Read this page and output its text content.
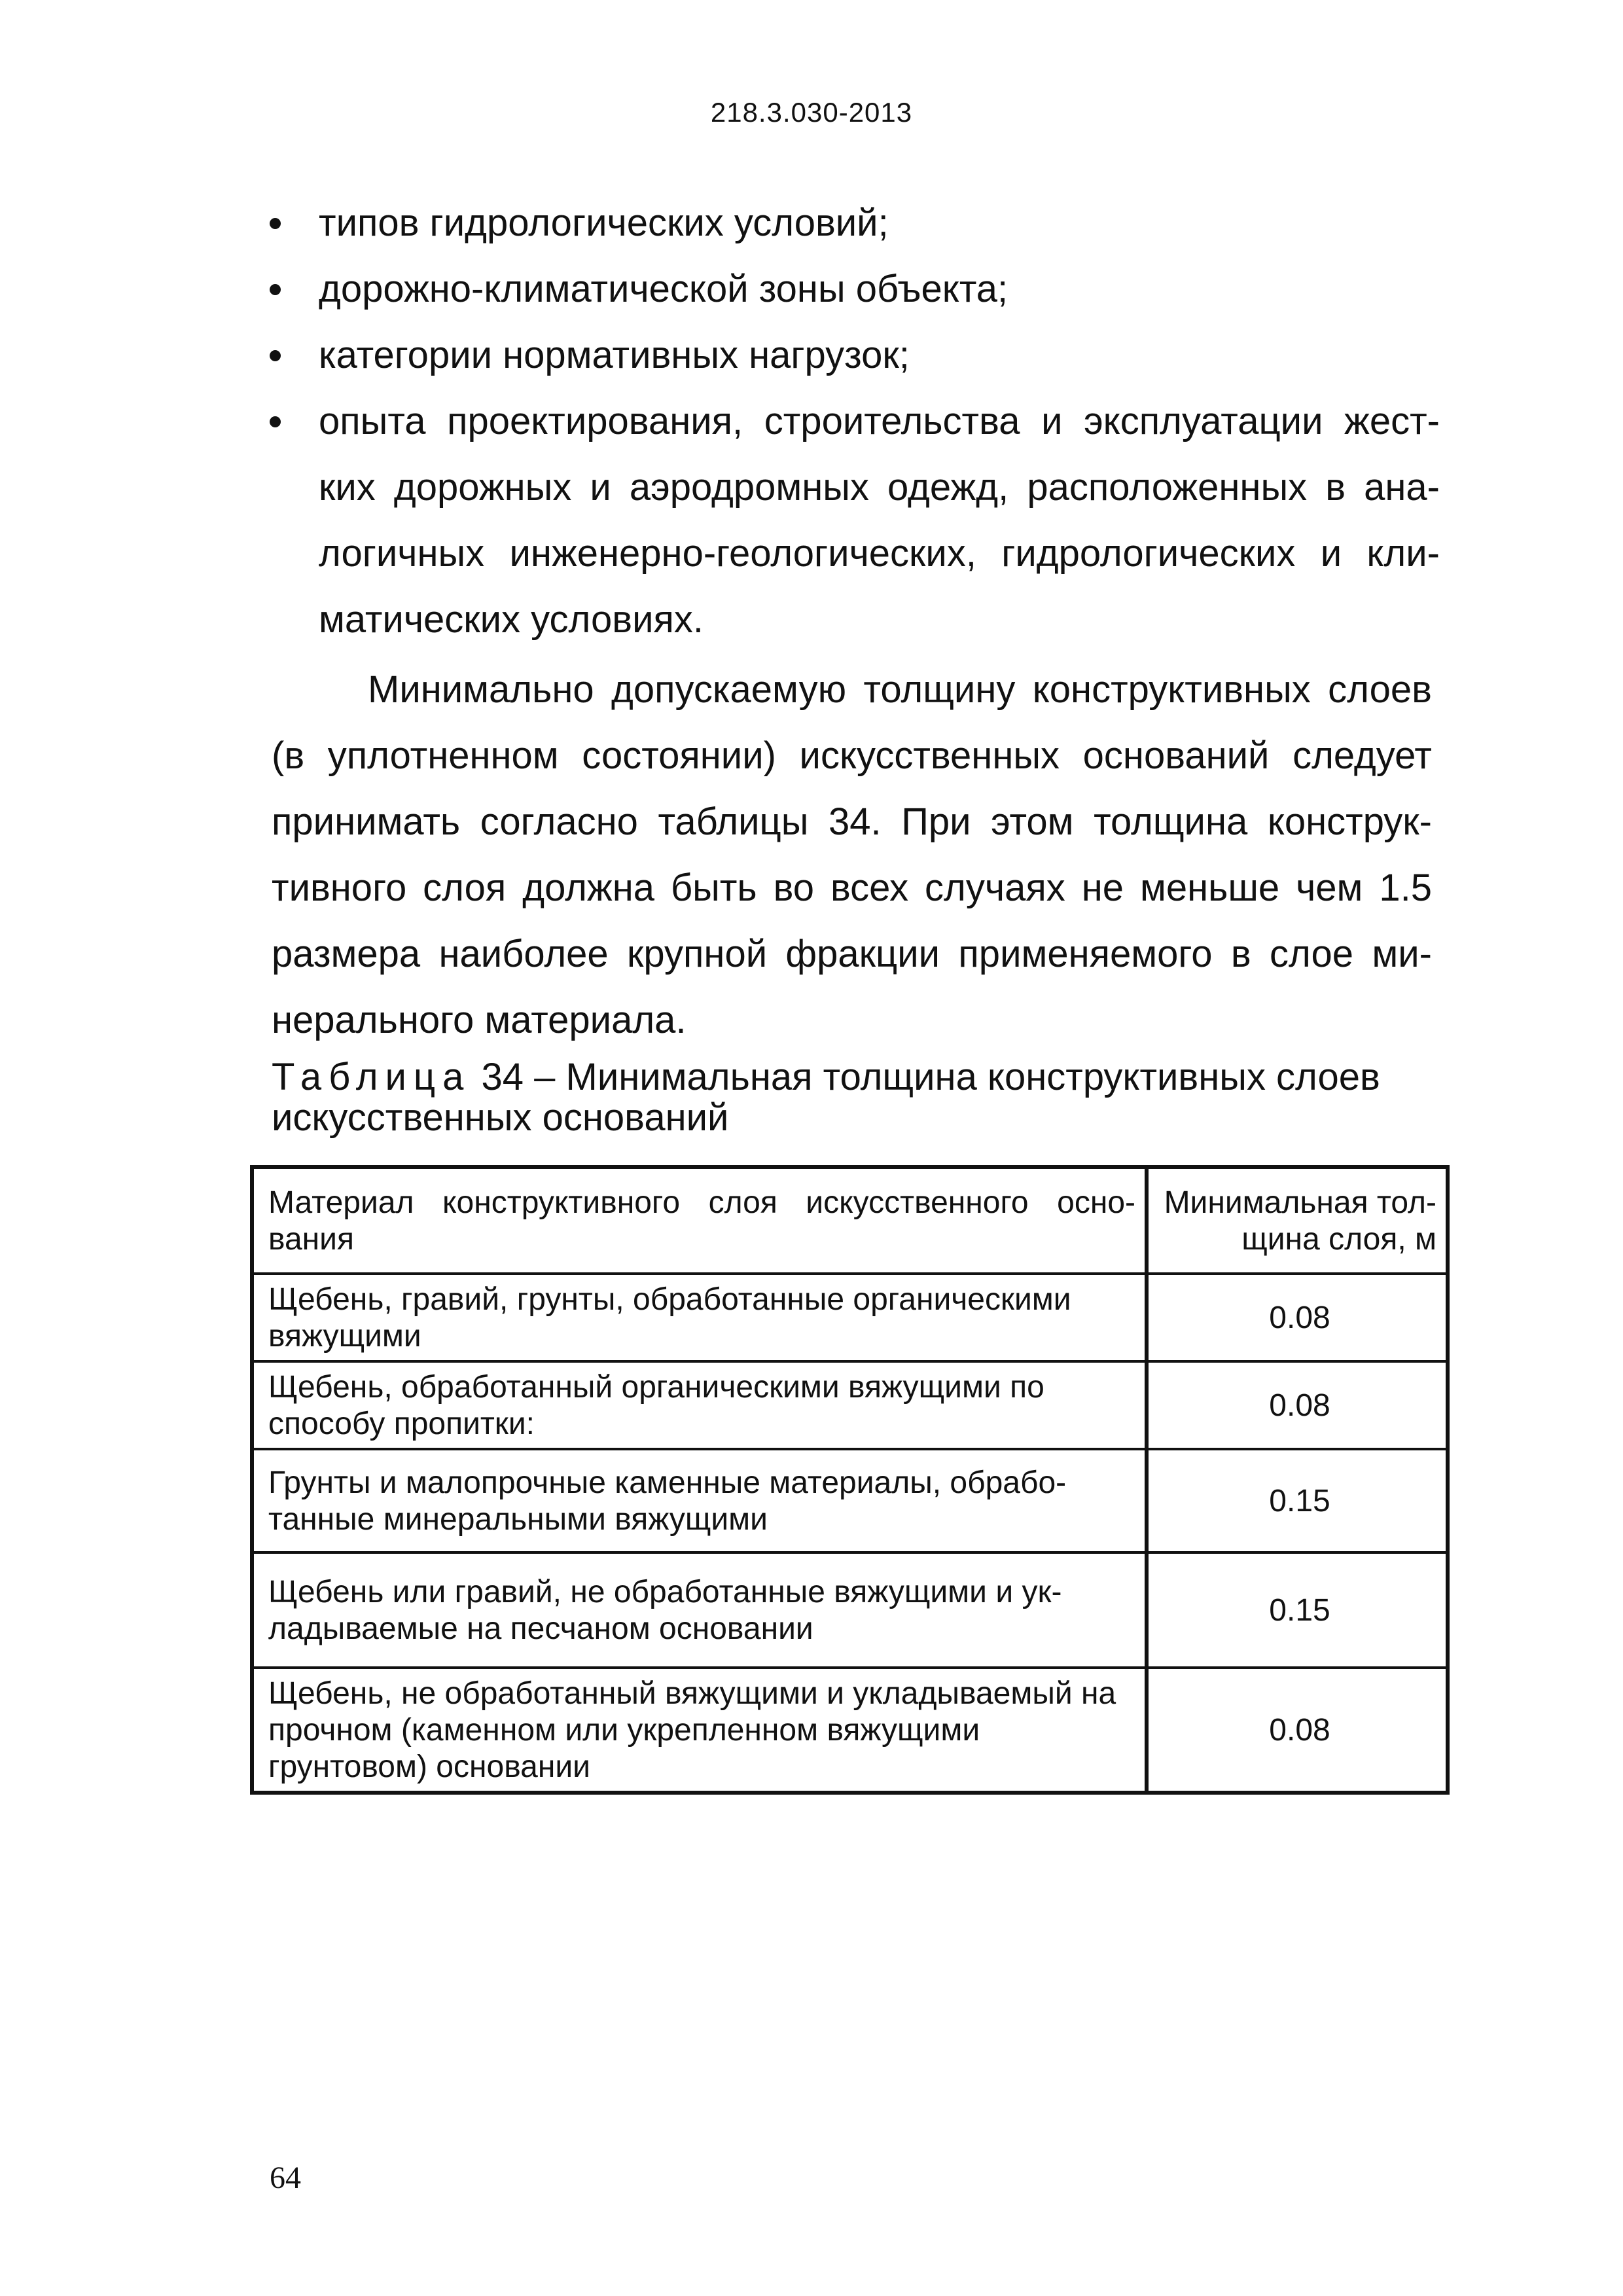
218.3.030-2013
типов гидрологических условий;
дорожно-климатической зоны объекта;
категории нормативных нагрузок;
опыта проектирования, строительства и эксплуатации жест-ких дорожных и аэродромных одежд, расположенных в ана-логичных инженерно-геологических, гидрологических и кли-матических условиях.

Минимально допускаемую толщину конструктивных слоев (в уплотненном состоянии) искусственных оснований следует принимать согласно таблицы 34. При этом толщина конструк-тивного слоя должна быть во всех случаях не меньше чем 1.5 размера наиболее крупной фракции применяемого в слое ми-нерального материала.

Таблица 34 – Минимальная толщина конструктивных слоев искусственных оснований

Материал конструктивного слоя искусственного осно-вания	Минимальная тол-щина слоя, м

Щебень, гравий, грунты, обработанные органическими вяжущими	0.08
Щебень, обработанный органическими вяжущими по способу пропитки:	0.08
Грунты и малопрочные каменные материалы, обрабо-танные минеральными вяжущими	0.15
Щебень или гравий, не обработанные вяжущими и ук-ладываемые на песчаном основании	0.15
Щебень, не обработанный вяжущими и укладываемый на прочном (каменном или укрепленном вяжущими грунтовом) основании	0.08
64
